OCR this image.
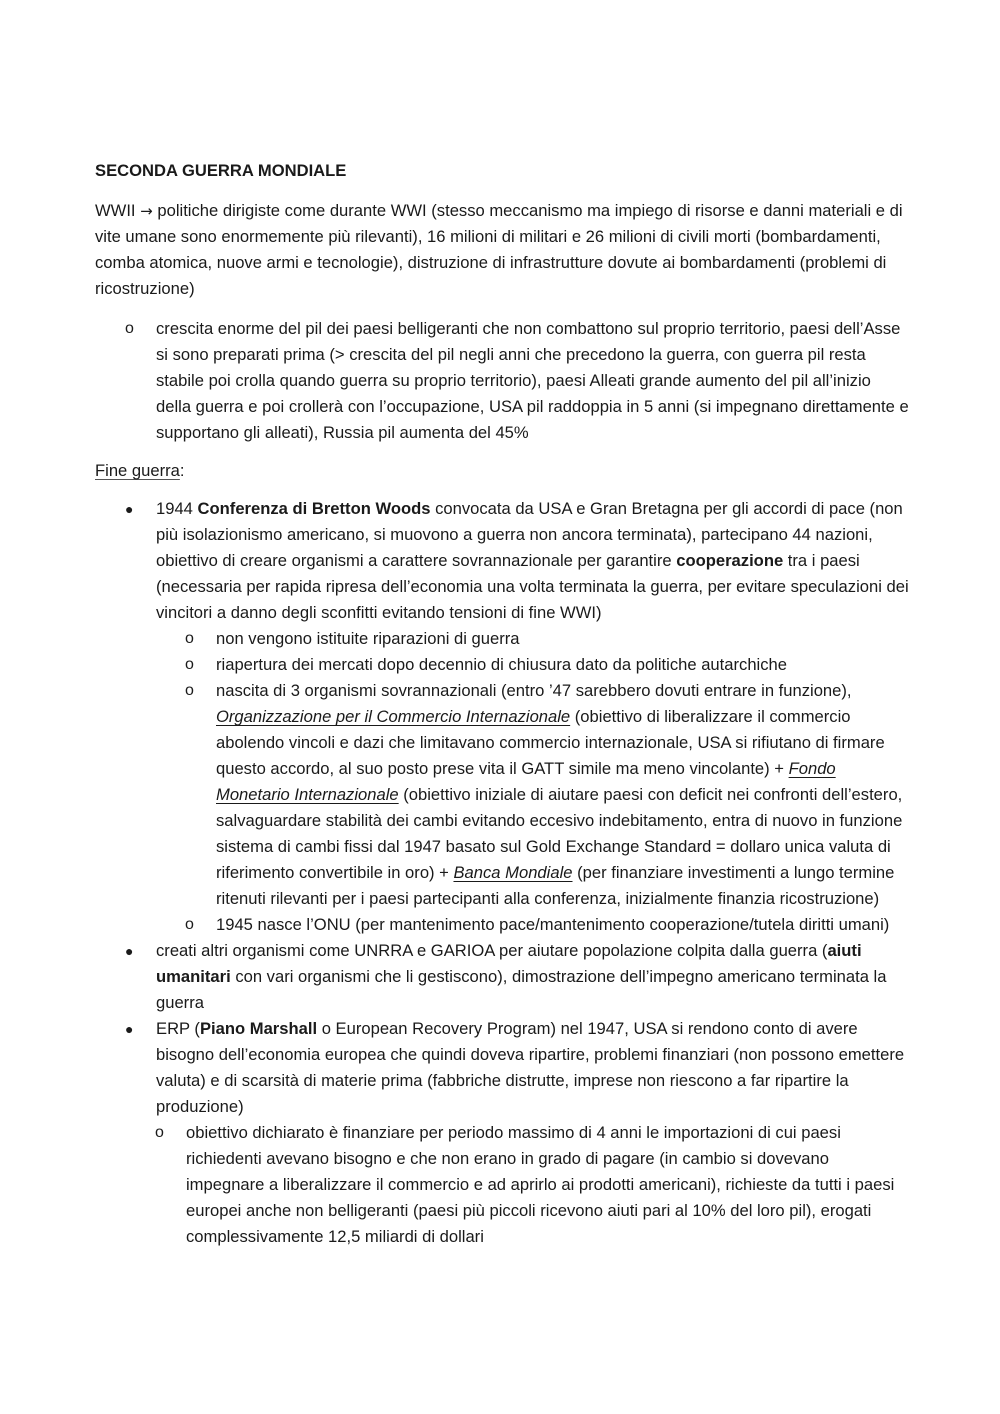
SECONDA GUERRA MONDIALE

WWII → politiche dirigiste come durante WWI (stesso meccanismo ma impiego di risorse e danni materiali e di vite umane sono enormemente più rilevanti), 16 milioni di militari e 26 milioni di civili morti (bombardamenti, comba atomica, nuove armi e tecnologie), distruzione di infrastrutture dovute ai bombardamenti (problemi di ricostruzione)

o crescita enorme del pil dei paesi belligeranti che non combattono sul proprio territorio, paesi dell’Asse si sono preparati prima (> crescita del pil negli anni che precedono la guerra, con guerra pil resta stabile poi crolla quando guerra su proprio territorio), paesi Alleati grande aumento del pil all’inizio della guerra e poi crollerà con l’occupazione, USA pil raddoppia in 5 anni (si impegnano direttamente e supportano gli alleati), Russia pil aumenta del 45%

Fine guerra:

● 1944 Conferenza di Bretton Woods convocata da USA e Gran Bretagna per gli accordi di pace (non più isolazionismo americano, si muovono a guerra non ancora terminata), partecipano 44 nazioni, obiettivo di creare organismi a carattere sovrannazionale per garantire cooperazione tra i paesi (necessaria per rapida ripresa dell’economia una volta terminata la guerra, per evitare speculazioni dei vincitori a danno degli sconfitti evitando tensioni di fine WWI)

o non vengono istituite riparazioni di guerra

o riapertura dei mercati dopo decennio di chiusura dato da politiche autarchiche

o nascita di 3 organismi sovrannazionali (entro ’47 sarebbero dovuti entrare in funzione), Organizzazione per il Commercio Internazionale (obiettivo di liberalizzare il commercio abolendo vincoli e dazi che limitavano commercio internazionale, USA si rifiutano di firmare questo accordo, al suo posto prese vita il GATT simile ma meno vincolante) + Fondo Monetario Internazionale (obiettivo iniziale di aiutare paesi con deficit nei confronti dell’estero, salvaguardare stabilità dei cambi evitando eccesivo indebitamento, entra di nuovo in funzione sistema di cambi fissi dal 1947 basato sul Gold Exchange Standard = dollaro unica valuta di riferimento convertibile in oro) + Banca Mondiale (per finanziare investimenti a lungo termine ritenuti rilevanti per i paesi partecipanti alla conferenza, inizialmente finanzia ricostruzione)

o 1945 nasce l’ONU (per mantenimento pace/mantenimento cooperazione/tutela diritti umani)

● creati altri organismi come UNRRA e GARIOA per aiutare popolazione colpita dalla guerra (aiuti umanitari con vari organismi che li gestiscono), dimostrazione dell’impegno americano terminata la guerra

● ERP (Piano Marshall o European Recovery Program) nel 1947, USA si rendono conto di avere bisogno dell’economia europea che quindi doveva ripartire, problemi finanziari (non possono emettere valuta) e di scarsità di materie prima (fabbriche distrutte, imprese non riescono a far ripartire la produzione)

o obiettivo dichiarato è finanziare per periodo massimo di 4 anni le importazioni di cui paesi richiedenti avevano bisogno e che non erano in grado di pagare (in cambio si dovevano impegnare a liberalizzare il commercio e ad aprirlo ai prodotti americani), richieste da tutti i paesi europei anche non belligeranti (paesi più piccoli ricevono aiuti pari al 10% del loro pil), erogati complessivamente 12,5 miliardi di dollari
